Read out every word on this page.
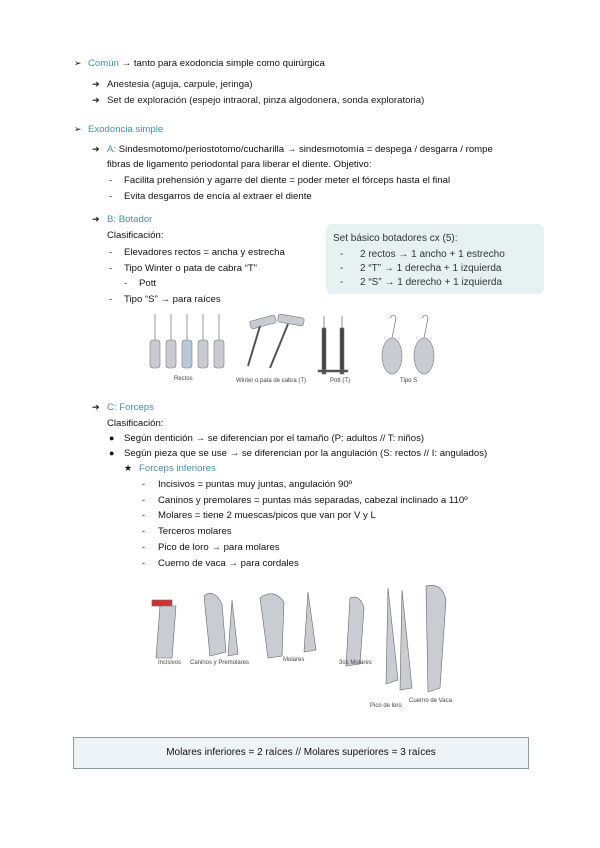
➢ Común → tanto para exodoncia simple como quirúrgica
➔ Anestesia (aguja, carpule, jeringa)
➔ Set de exploración (espejo intraoral, pinza algodonera, sonda exploratoria)
➢ Exodoncia simple
➔ A: Sindesmotomo/periostotomo/cucharilla → sindesmotomía = despega / desgarra / rompe
fibras de ligamento periodontal para liberar el diente. Objetivo:
- Facilita prehensión y agarre del diente = poder meter el fórceps hasta el final
- Evita desgarros de encía al extraer el diente
➔ B: Botador
Clasificación:
- Elevadores rectos = ancha y estrecha
- Tipo Winter o pata de cabra “T”
- Pott
- Tipo “S” → para raíces
Set básico botadores cx (5):
- 2 rectos → 1 ancho + 1 estrecho
- 2 “T” → 1 derecha + 1 izquierda
- 2 “S” → 1 derecho + 1 izquierda
Rectos	Winter o pata de cabra (T)	Pott (T)	Tipo S
➔ C: Forceps
Clasificación:
● Según dentición → se diferencian por el tamaño (P: adultos // T: niños)
● Según pieza que se use → se diferencian por la angulación (S: rectos // I: angulados)
★ Forceps inferiores
- Incisivos = puntas muy juntas, angulación 90º
- Caninos y premolares = puntas más separadas, cabezal inclinado a 110º
- Molares = tiene 2 muescas/picos que van por V y L
- Terceros molares
- Pico de loro → para molares
- Cuerno de vaca → para cordales
Incisivos Caninos y Premolares	Molares	3os Molares
Pico de loro
Cuerno de Vaca
Molares inferiores = 2 raíces // Molares superiores = 3 raíces
